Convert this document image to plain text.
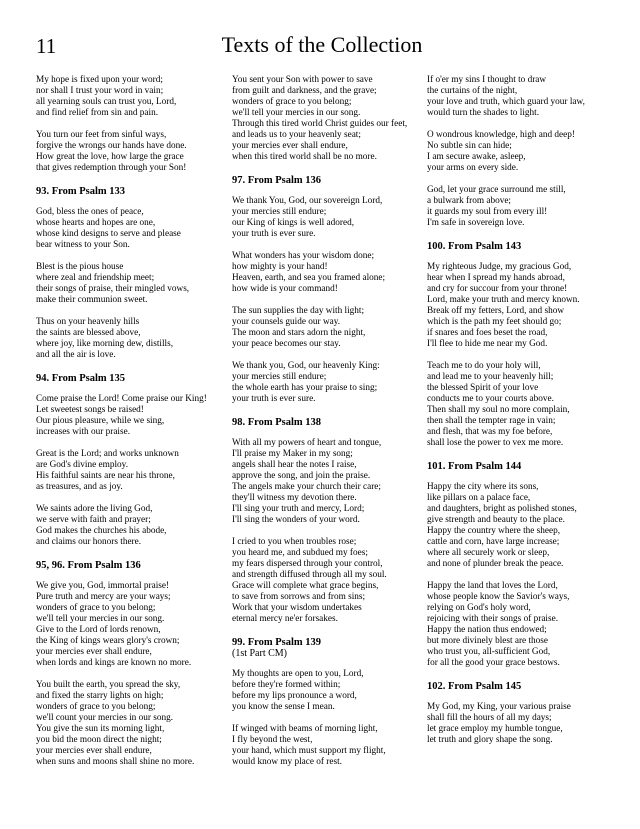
11	Texts of the Collection
My hope is fixed upon your word;
nor shall I trust your word in vain;
all yearning souls can trust you, Lord,
and find relief from sin and pain.
You turn our feet from sinful ways,
forgive the wrongs our hands have done.
How great the love, how large the grace
that gives redemption through your Son!
93. From Psalm 133
God, bless the ones of peace,
whose hearts and hopes are one,
whose kind designs to serve and please
bear witness to your Son.
Blest is the pious house
where zeal and friendship meet;
their songs of praise, their mingled vows,
make their communion sweet.
Thus on your heavenly hills
the saints are blessed above,
where joy, like morning dew, distills,
and all the air is love.
94. From Psalm 135
Come praise the Lord! Come praise our King!
Let sweetest songs be raised!
Our pious pleasure, while we sing,
increases with our praise.
Great is the Lord; and works unknown
are God's divine employ.
His faithful saints are near his throne,
as treasures, and as joy.
We saints adore the living God,
we serve with faith and prayer;
God makes the churches his abode,
and claims our honors there.
95, 96. From Psalm 136
We give you, God, immortal praise!
Pure truth and mercy are your ways;
wonders of grace to you belong;
we'll tell your mercies in our song.
Give to the Lord of lords renown,
the King of kings wears glory's crown;
your mercies ever shall endure,
when lords and kings are known no more.
You built the earth, you spread the sky,
and fixed the starry lights on high;
wonders of grace to you belong;
we'll count your mercies in our song.
You give the sun its morning light,
you bid the moon direct the night;
your mercies ever shall endure,
when suns and moons shall shine no more.
You sent your Son with power to save
from guilt and darkness, and the grave;
wonders of grace to you belong;
we'll tell your mercies in our song.
Through this tired world Christ guides our feet,
and leads us to your heavenly seat;
your mercies ever shall endure,
when this tired world shall be no more.
97. From Psalm 136
We thank You, God, our sovereign Lord,
your mercies still endure;
our King of kings is well adored,
your truth is ever sure.
What wonders has your wisdom done;
how mighty is your hand!
Heaven, earth, and sea you framed alone;
how wide is your command!
The sun supplies the day with light;
your counsels guide our way.
The moon and stars adorn the night,
your peace becomes our stay.
We thank you, God, our heavenly King:
your mercies still endure;
the whole earth has your praise to sing;
your truth is ever sure.
98. From Psalm 138
With all my powers of heart and tongue,
I'll praise my Maker in my song;
angels shall hear the notes I raise,
approve the song, and join the praise.
The angels make your church their care;
they'll witness my devotion there.
I'll sing your truth and mercy, Lord;
I'll sing the wonders of your word.
I cried to you when troubles rose;
you heard me, and subdued my foes;
my fears dispersed through your control,
and strength diffused through all my soul.
Grace will complete what grace begins,
to save from sorrows and from sins;
Work that your wisdom undertakes
eternal mercy ne'er forsakes.
99. From Psalm 139
(1st Part CM)
My thoughts are open to you, Lord,
before they're formed within;
before my lips pronounce a word,
you know the sense I mean.
If winged with beams of morning light,
I fly beyond the west,
your hand, which must support my flight,
would know my place of rest.
If o'er my sins I thought to draw
the curtains of the night,
your love and truth, which guard your law,
would turn the shades to light.
O wondrous knowledge, high and deep!
No subtle sin can hide;
I am secure awake, asleep,
your arms on every side.
God, let your grace surround me still,
a bulwark from above;
it guards my soul from every ill!
I'm safe in sovereign love.
100. From Psalm 143
My righteous Judge, my gracious God,
hear when I spread my hands abroad,
and cry for succour from your throne!
Lord, make your truth and mercy known.
Break off my fetters, Lord, and show
which is the path my feet should go;
if snares and foes beset the road,
I'll flee to hide me near my God.
Teach me to do your holy will,
and lead me to your heavenly hill;
the blessed Spirit of your love
conducts me to your courts above.
Then shall my soul no more complain,
then shall the tempter rage in vain;
and flesh, that was my foe before,
shall lose the power to vex me more.
101. From Psalm 144
Happy the city where its sons,
like pillars on a palace face,
and daughters, bright as polished stones,
give strength and beauty to the place.
Happy the country where the sheep,
cattle and corn, have large increase;
where all securely work or sleep,
and none of plunder break the peace.
Happy the land that loves the Lord,
whose people know the Savior's ways,
relying on God's holy word,
rejoicing with their songs of praise.
Happy the nation thus endowed;
but more divinely blest are those
who trust you, all-sufficient God,
for all the good your grace bestows.
102. From Psalm 145
My God, my King, your various praise
shall fill the hours of all my days;
let grace employ my humble tongue,
let truth and glory shape the song.
